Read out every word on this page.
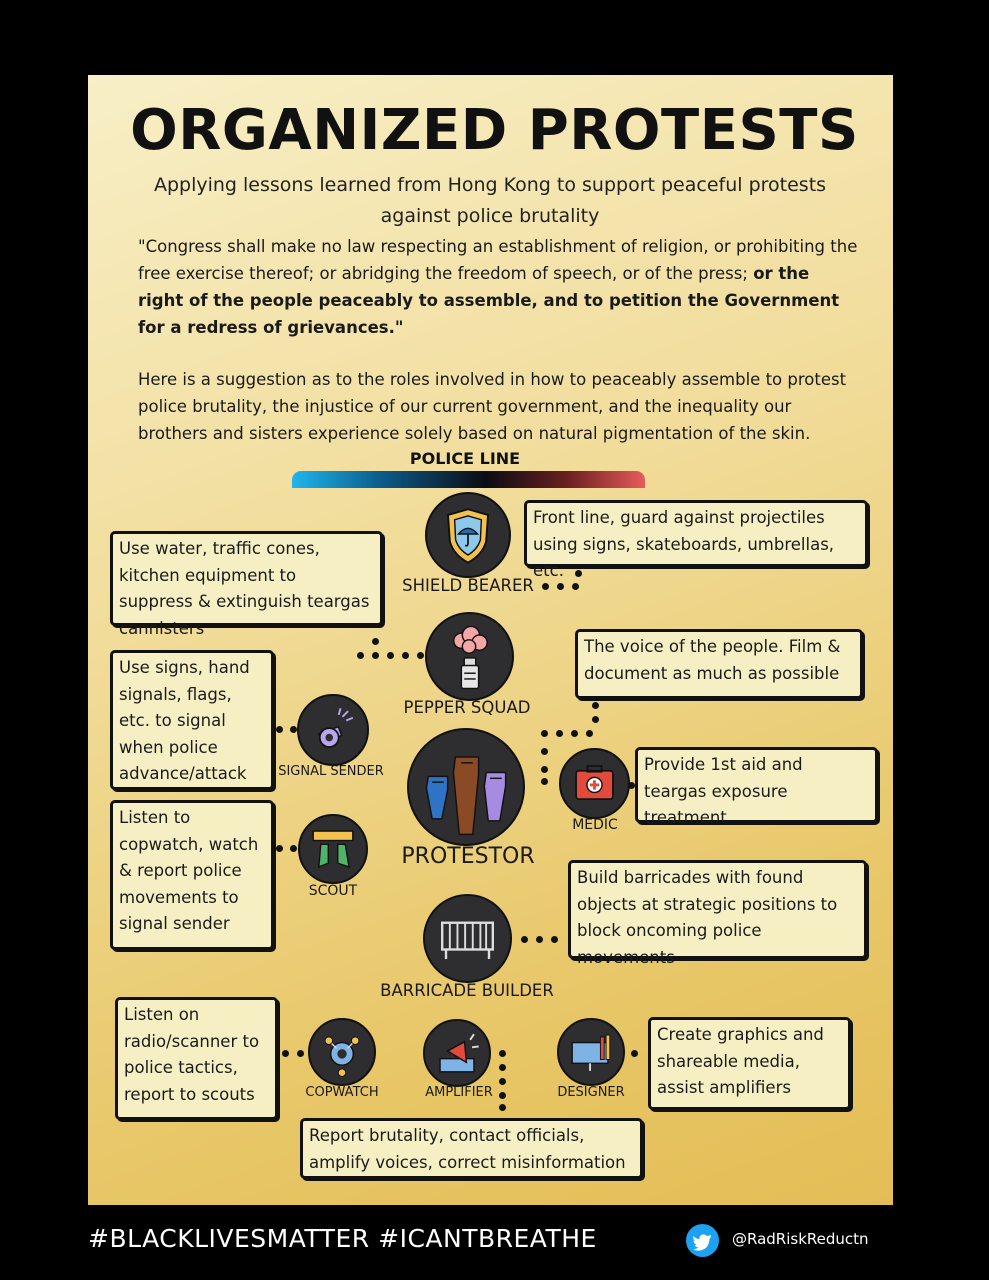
ORGANIZED PROTESTS
Applying lessons learned from Hong Kong to support peaceful protests
against police brutality
"Congress shall make no law respecting an establishment of religion, or prohibiting the free exercise thereof; or abridging the freedom of speech, or of the press; or the right of the people peaceably to assemble, and to petition the Government for a redress of grievances."
Here is a suggestion as to the roles involved in how to peaceably assemble to protest police brutality, the injustice of our current government, and the inequality our brothers and sisters experience solely based on natural pigmentation of the skin.
POLICE LINE
SHIELD BEARER
Front line, guard against projectiles using signs, skateboards, umbrellas, etc.
PEPPER SQUAD
Use water, traffic cones, kitchen equipment to suppress & extinguish teargas cannisters
SIGNAL SENDER
Use signs, hand signals, flags, etc. to signal when police advance/attack
PROTESTOR
The voice of the people. Film & document as much as possible
MEDIC
Provide 1st aid and teargas exposure treatment
SCOUT
Listen to copwatch, watch & report police movements to signal sender
BARRICADE BUILDER
Build barricades with found objects at strategic positions to block oncoming police movements
COPWATCH
Listen on radio/scanner to police tactics, report to scouts	AMPLIFIER
Report brutality, contact officials, amplify voices, correct misinformation
DESIGNER
Create graphics and shareable media, assist amplifiers
#BLACKLIVESMATTER #ICANTBREATHE	@RadRiskReductn
